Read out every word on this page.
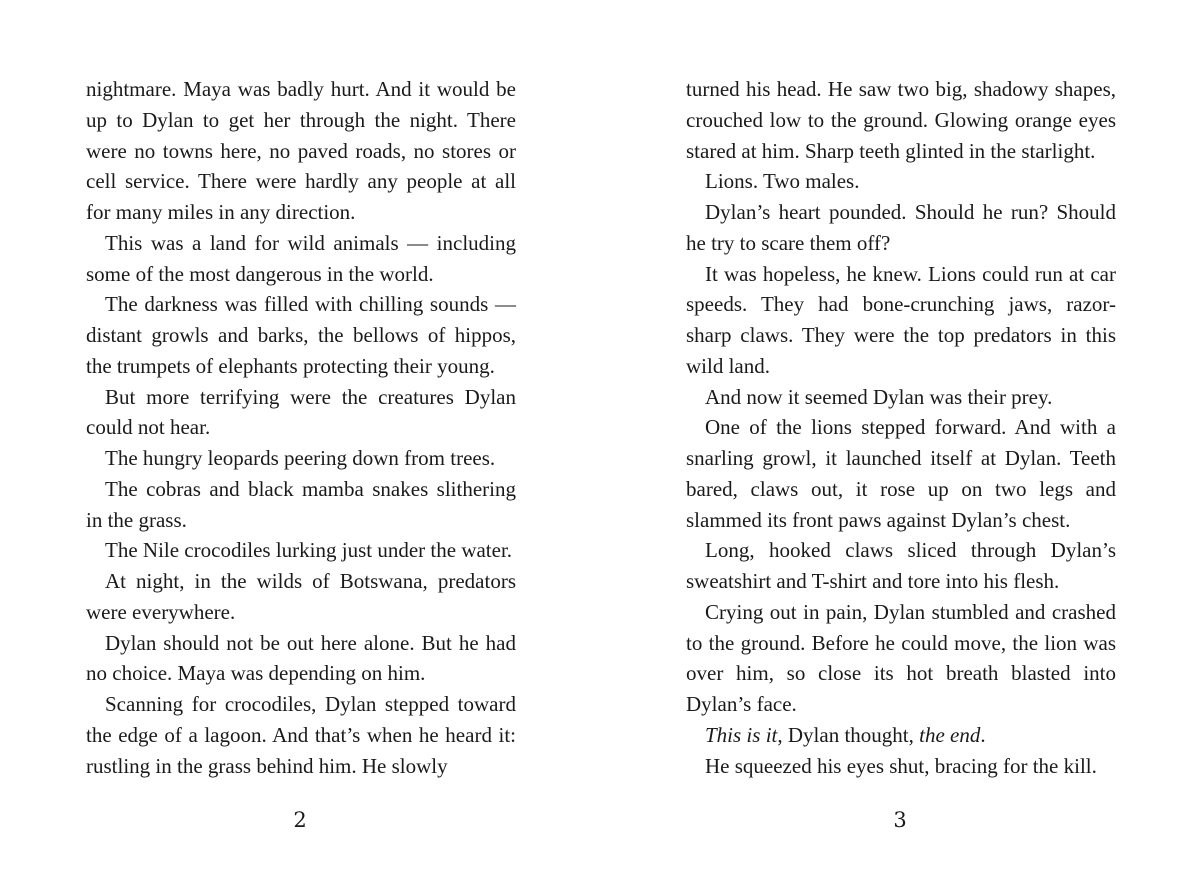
nightmare. Maya was badly hurt. And it would be up to Dylan to get her through the night. There were no towns here, no paved roads, no stores or cell service. There were hardly any people at all for many miles in any direction.

This was a land for wild animals — including some of the most dangerous in the world.

The darkness was filled with chilling sounds — distant growls and barks, the bellows of hippos, the trumpets of elephants protecting their young.

But more terrifying were the creatures Dylan could not hear.

The hungry leopards peering down from trees.

The cobras and black mamba snakes slithering in the grass.

The Nile crocodiles lurking just under the water.

At night, in the wilds of Botswana, predators were everywhere.

Dylan should not be out here alone. But he had no choice. Maya was depending on him.

Scanning for crocodiles, Dylan stepped toward the edge of a lagoon. And that’s when he heard it: rustling in the grass behind him. He slowly

turned his head. He saw two big, shadowy shapes, crouched low to the ground. Glowing orange eyes stared at him. Sharp teeth glinted in the starlight.

Lions. Two males.

Dylan’s heart pounded. Should he run? Should he try to scare them off?

It was hopeless, he knew. Lions could run at car speeds. They had bone-crunching jaws, razor-sharp claws. They were the top predators in this wild land.

And now it seemed Dylan was their prey.

One of the lions stepped forward. And with a snarling growl, it launched itself at Dylan. Teeth bared, claws out, it rose up on two legs and slammed its front paws against Dylan’s chest.

Long, hooked claws sliced through Dylan’s sweatshirt and T-shirt and tore into his flesh.

Crying out in pain, Dylan stumbled and crashed to the ground. Before he could move, the lion was over him, so close its hot breath blasted into Dylan’s face.

This is it, Dylan thought, the end.

He squeezed his eyes shut, bracing for the kill.

2	3
